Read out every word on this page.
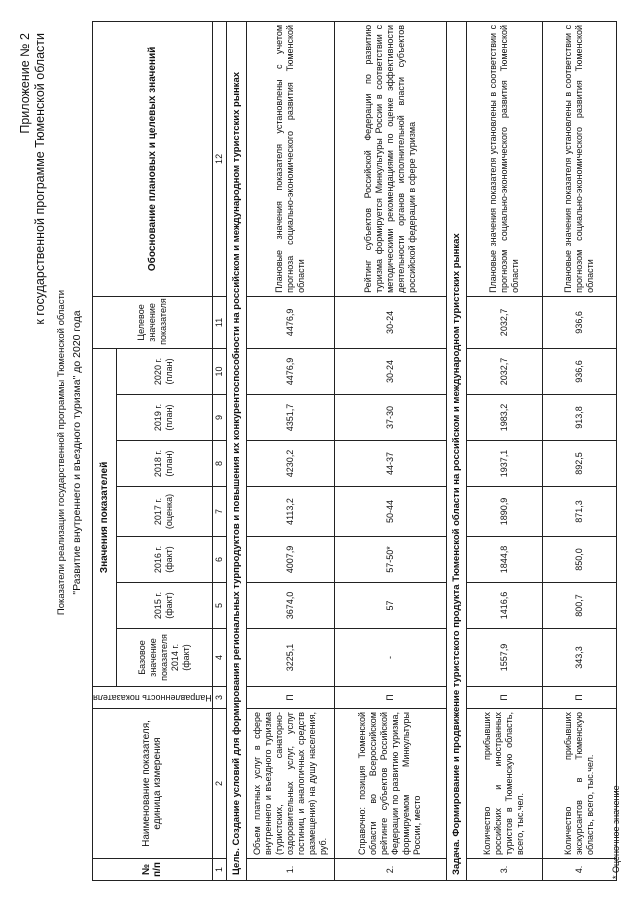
Приложение № 2 к государственной программе Тюменской области
Показатели реализации государственной программы Тюменской области "Развитие внутреннего и въездного туризма" до 2020 года
№ п/п	Наименование показателя, единица измерения	Направленность показателя	Значения показателей							Целевое значение показателя	Обоснование плановых и целевых значений
			Базовое значение показателя 2014 г. (факт)	2015 г. (факт)	2016 г. (факт)	2017 г. (оценка)	2018 г. (план)	2019 г. (план)	2020 г. (план)		
1	2	3	4	5	6	7	8	9	10	11	12
Цель. Создание условий для формирования региональных турпродуктов и повышения их конкурентоспособности на российском и международном туристских рынках											
1.	Объем платных услуг в сфере внутреннего и въездного туризма (туристских, санаторно-оздоровительных услуг, услуг гостиниц и аналогичных средств размещения) на душу населения, руб.	П	3225,1	3674,0	4007,9	4113,2	4230,2	4351,7	4476,9	4476,9	Плановые значения показателя установлены с учетом прогноза социально-экономического развития Тюменской области
2.	Справочно: позиция Тюменской области во Всероссийском рейтинге субъектов Российской Федерации по развитию туризма, формируемом Минкультуры России, место	П	-	57	57-50*	50-44	44-37	37-30	30-24	30-24	Рейтинг субъектов Российской Федерации по развитию туризма формируется Минкультуры России в соответствии с методическими рекомендациями по оценке эффективности деятельности органов исполнительной власти субъектов российской федерации в сфере туризма
Задача. Формирование и продвижение туристского продукта Тюменской области на российском и международном туристских рынках											
3.	Количество прибывших российских и иностранных туристов в Тюменскую область, всего, тыс.чел.	П	1557,9	1416,6	1844,8	1890,9	1937,1	1983,2	2032,7	2032,7	Плановые значения показателя установлены в соответствии с прогнозом социально-экономического развития Тюменской области
4.	Количество прибывших экскурсантов в Тюменскую область, всего, тыс.чел.	П	343,3	800,7	850,0	871,3	892,5	913,8	936,6	936,6	Плановые значения показателя установлены в соответствии с прогнозом социально-экономического развития Тюменской области
* Оценочное значение
